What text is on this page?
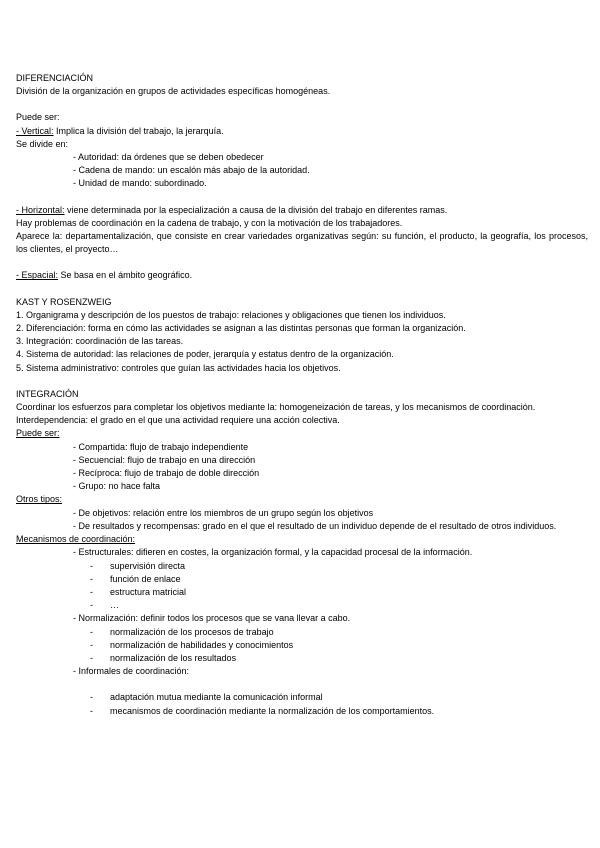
DIFERENCIACIÓN
División de la organización en grupos de actividades específicas homogéneas.
Puede ser:
- Vertical: Implica la división del trabajo, la jerarquía.
Se divide en:
- Autoridad: da órdenes que se deben obedecer
- Cadena de mando: un escalón más abajo de la autoridad.
- Unidad de mando: subordinado.
- Horizontal: viene determinada por la especialización a causa de la división del trabajo en diferentes ramas.
Hay problemas de coordinación en la cadena de trabajo, y con la motivación de los trabajadores.
Aparece la: departamentalización, que consiste en crear variedades organizativas según: su función, el producto, la geografía, los procesos, los clientes, el proyecto…
- Espacial: Se basa en el ámbito geográfico.
KAST Y ROSENZWEIG
1. Organigrama y descripción de los puestos de trabajo: relaciones y obligaciones que tienen los individuos.
2. Diferenciación: forma en cómo las actividades se asignan a las distintas personas que forman la organización.
3. Integración: coordinación de las tareas.
4. Sistema de autoridad: las relaciones de poder, jerarquía y estatus dentro de la organización.
5. Sistema administrativo: controles que guían las actividades hacia los objetivos.
INTEGRACIÓN
Coordinar los esfuerzos para completar los objetivos mediante la: homogeneización de tareas, y los mecanismos de coordinación.
Interdependencia: el grado en el que una actividad requiere una acción colectiva.
Puede ser:
- Compartida: flujo de trabajo independiente
- Secuencial: flujo de trabajo en una dirección
- Recíproca: flujo de trabajo de doble dirección
- Grupo: no hace falta
Otros tipos:
- De objetivos: relación entre los miembros de un grupo según los objetivos
- De resultados y recompensas: grado en el que el resultado de un individuo depende de el resultado de otros individuos.
Mecanismos de coordinación:
- Estructurales: difieren en costes, la organización formal, y la capacidad procesal de la información.
- supervisión directa
- función de enlace
- estructura matricial
- …
- Normalización: definir todos los procesos que se vana llevar a cabo.
- normalización de los procesos de trabajo
- normalización de habilidades y conocimientos
- normalización de los resultados
- Informales de coordinación:
- adaptación mutua mediante la comunicación informal
- mecanismos de coordinación mediante la normalización de los comportamientos.
